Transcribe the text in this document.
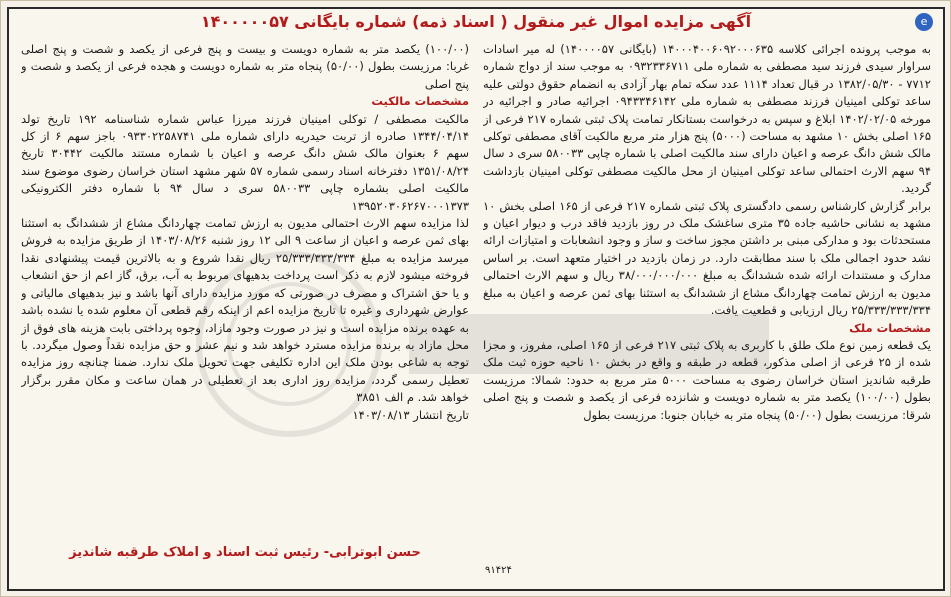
e
آگهی مزایده اموال غیر منقول ( اسناد ذمه) شماره بایگانی ۱۴۰۰۰۰۰۵۷

به موجب پرونده اجرائی کلاسه ۱۴۰۰۰۴۰۰۶۰۹۲۰۰۰۶۳۵ (بایگانی ۱۴۰۰۰۰۵۷) له میر اسادات سراوار سیدی فرزند سید مصطفی به شماره ملی ۰۹۳۲۳۳۶۷۱۱ به موجب سند از دواج شماره ۷۷۱۲ - ۱۳۸۲/۰۵/۳۰ در قبال تعداد ۱۱۱۴ عدد سکه تمام بهار آزادی به انضمام حقوق دولتی علیه ساعد توکلی امینیان فرزند مصطفی به شماره ملی ۰۹۴۳۳۴۶۱۴۲ اجرائیه صادر و اجرائیه در مورخه ۱۴۰۲/۰۲/۰۵ ابلاغ و سپس به درخواست بستانکار تمامت پلاک ثبتی شماره ۲۱۷ فرعی از ۱۶۵ اصلی بخش ۱۰ مشهد به مساحت (۵۰۰۰) پنج هزار متر مربع مالکیت آقای مصطفی توکلی مالک شش دانگ عرصه و اعیان دارای سند مالکیت اصلی با شماره چاپی ۵۸۰۰۳۳ سری د سال ۹۴ سهم الارث احتمالی ساعد توکلی امینیان از محل مالکیت مصطفی توکلی امینیان بازداشت گردید.

برابر گزارش کارشناس رسمی دادگستری پلاک ثبتی شماره ۲۱۷ فرعی از ۱۶۵ اصلی بخش ۱۰ مشهد به نشانی حاشیه جاده ۳۵ متری ساغشک ملک در روز بازدید فاقد درب و دیوار اعیان و مستحدثات بود و مدارکی مبنی بر داشتن مجوز ساخت و ساز و وجود انشعابات و امتیازات ارائه نشد حدود اجمالی ملک با سند مطابقت دارد. در زمان بازدید در اختیار متعهد است. بر اساس مدارک و مستندات ارائه شده ششدانگ به مبلغ ۳۸/۰۰۰/۰۰۰/۰۰۰ ریال و سهم الارث احتمالی مدیون به ارزش تمامت چهاردانگ مشاع از ششدانگ به استثنا بهای ثمن عرصه و اعیان به مبلغ ۲۵/۳۳۳/۳۳۳/۳۳۴ ریال ارزیابی و قطعیت یافت.

مشخصات ملک

یک قطعه زمین نوع ملک طلق با کاربری به پلاک ثبتی ۲۱۷ فرعی از ۱۶۵ اصلی، مفروز، و مجزا شده از ۲۵ فرعی از اصلی مذکور، قطعه در طبقه و واقع در بخش ۱۰ ناحیه حوزه ثبت ملک طرقبه شاندیز استان خراسان رضوی به مساحت ۵۰۰۰ متر مربع به حدود: شمالا: مرزیست بطول (۱۰۰/۰۰) یکصد متر به شماره دویست و شانزده فرعی از یکصد و شصت و پنج اصلی شرقا: مرزیست بطول (۵۰/۰۰) پنجاه متر به خیابان جنوبا: مرزیست بطول

۹۱۴۲۴

(۱۰۰/۰۰) یکصد متر به شماره دویست و بیست و پنج فرعی از یکصد و شصت و پنج اصلی غربا: مرزیست بطول (۵۰/۰۰) پنجاه متر به شماره دویست و هجده فرعی از یکصد و شصت و پنج اصلی

مشخصات مالکیت

مالکیت مصطفی / توکلی امینیان فرزند میرزا عباس شماره شناسنامه ۱۹۲ تاریخ تولد ۱۳۴۴/۰۴/۱۴ صادره از تربت حیدریه دارای شماره ملی ۰۹۳۳۰۲۲۵۸۷۴۱ باجز سهم ۶ از کل سهم ۶ بعنوان مالک شش دانگ عرصه و اعیان با شماره مستند مالکیت ۳۰۴۴۲ تاریخ ۱۳۵۱/۰۸/۲۴ دفترخانه اسناد رسمی شماره ۵۷ شهر مشهد استان خراسان رضوی موضوع سند مالکیت اصلی بشماره چاپی ۵۸۰۰۳۳ سری د سال ۹۴ با شماره دفتر الکترونیکی ۱۳۹۵۲۰۳۰۶۲۶۷۰۰۰۱۳۷۳

لذا مزایده سهم الارث احتمالی مدیون به ارزش تمامت چهاردانگ مشاع از ششدانگ به استثنا بهای ثمن عرصه و اعیان از ساعت ۹ الی ۱۲ روز شنبه ۱۴۰۳/۰۸/۲۶ از طریق مزایده به فروش میرسد مزایده به مبلغ ۲۵/۳۳۳/۳۳۳/۳۳۴ ریال نقدا شروع و به بالاترین قیمت پیشنهادی نقدا فروخته میشود لازم به ذکر است پرداخت بدهیهای مربوط به آب، برق، گاز اعم از حق انشعاب و یا حق اشتراک و مصرف در صورتی که مورد مزایده دارای آنها باشد و نیز بدهیهای مالیاتی و عوارض شهرداری و غیره تا تاریخ مزایده اعم از اینکه رقم قطعی آن معلوم شده یا نشده باشد به عهده برنده مزایده است و نیز در صورت وجود مازاد، وجوه پرداختی بابت هزینه های فوق از محل مازاد به برنده مزایده مسترد خواهد شد و نیم عشر و حق مزایده نقداً وصول میگردد. با توجه به شاعی بودن ملک این اداره تکلیفی جهت تحویل ملک ندارد. ضمنا چنانچه روز مزایده تعطیل رسمی گردد، مزایده روز اداری بعد از تعطیلی در همان ساعت و مکان مقرر برگزار خواهد شد. م الف ۳۸۵۱

تاریخ انتشار ۱۴۰۳/۰۸/۱۳

حسن ابوترابی- رئیس ثبت اسناد و املاک طرقبه شاندیز
